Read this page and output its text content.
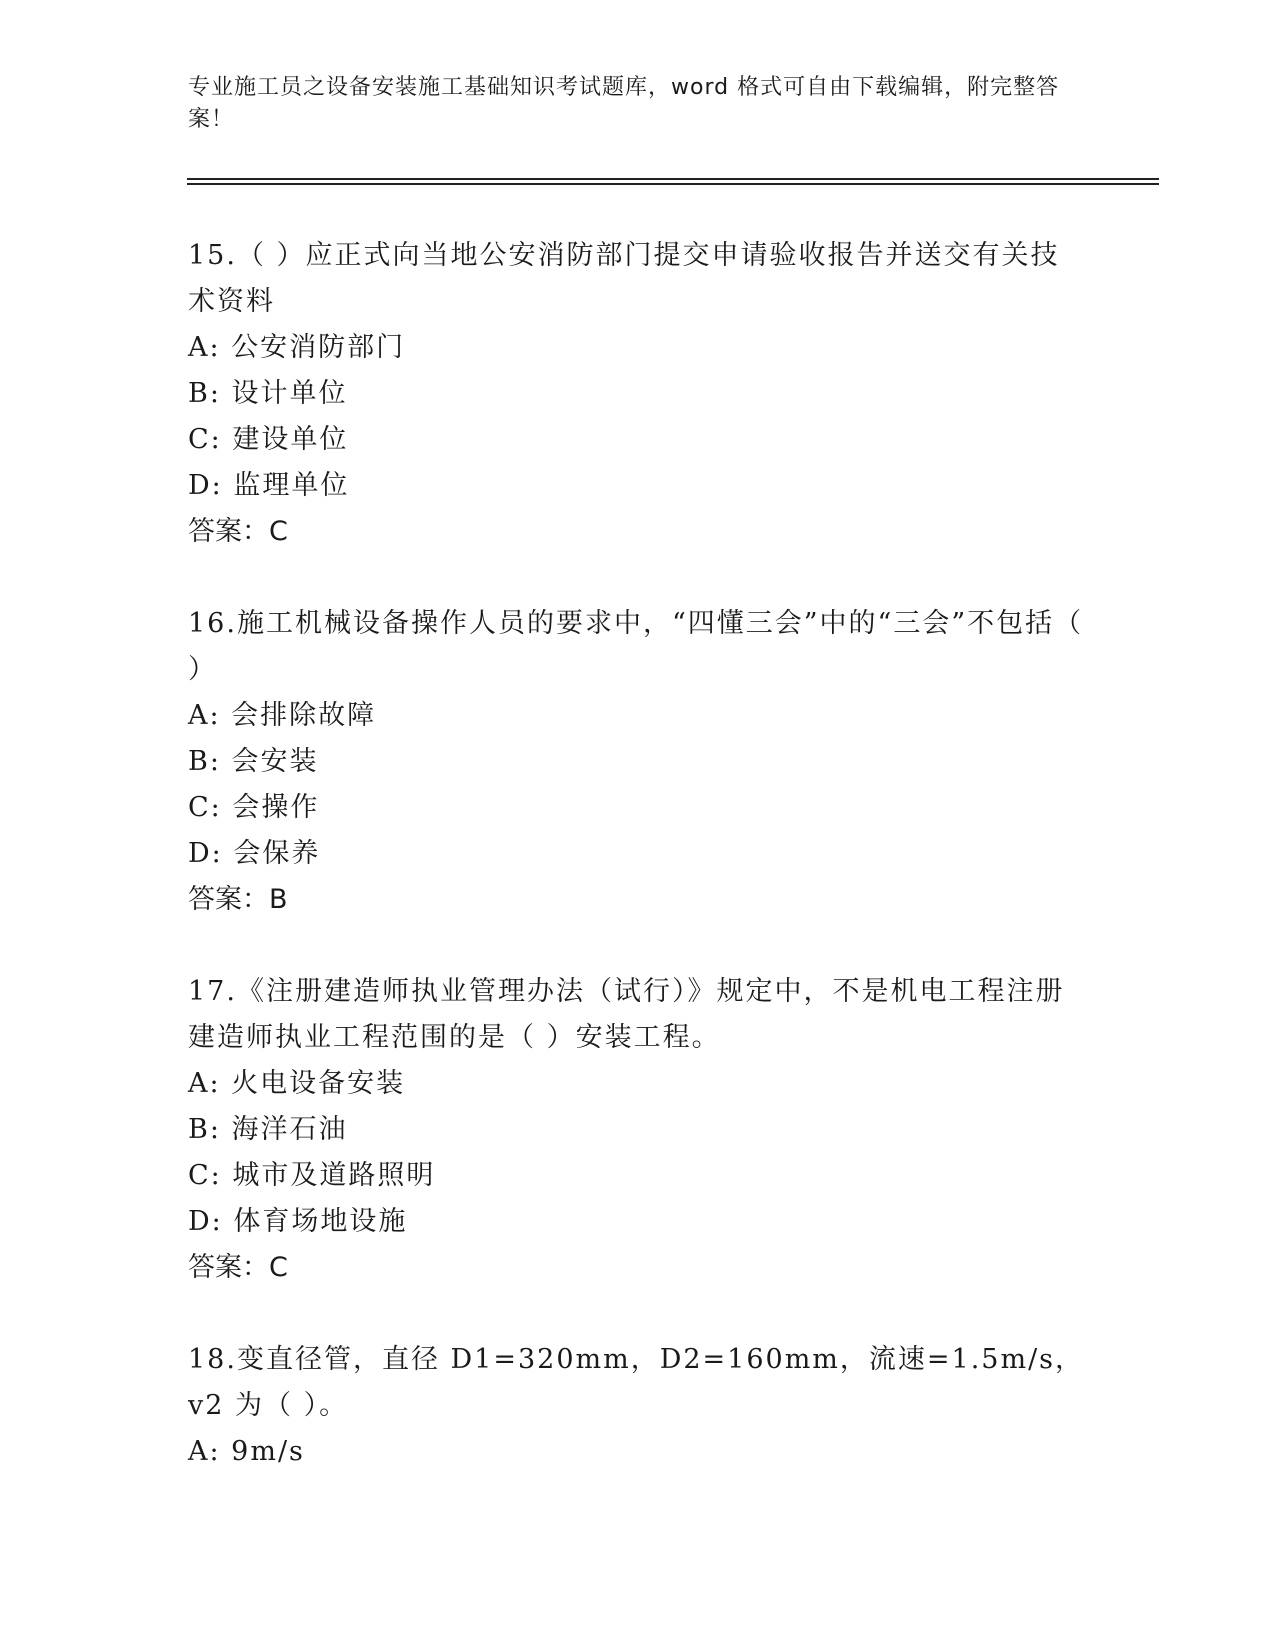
专业施工员之设备安装施工基础知识考试题库，word 格式可自由下载编辑，附完整答案！

15.（ ）应正式向当地公安消防部门提交申请验收报告并送交有关技术资料

A: 公安消防部门

B: 设计单位

C: 建设单位

D: 监理单位

答案：C

16.施工机械设备操作人员的要求中，“四懂三会”中的“三会”不包括（ ）

A: 会排除故障

B: 会安装

C: 会操作

D: 会保养

答案：B

17.《注册建造师执业管理办法（试行）》规定中，不是机电工程注册建造师执业工程范围的是（ ）安装工程。

A: 火电设备安装

B: 海洋石油

C: 城市及道路照明

D: 体育场地设施

答案：C

18.变直径管，直径 D1=320mm，D2=160mm，流速=1.5m/s，v2 为（ ）。

A: 9m/s
